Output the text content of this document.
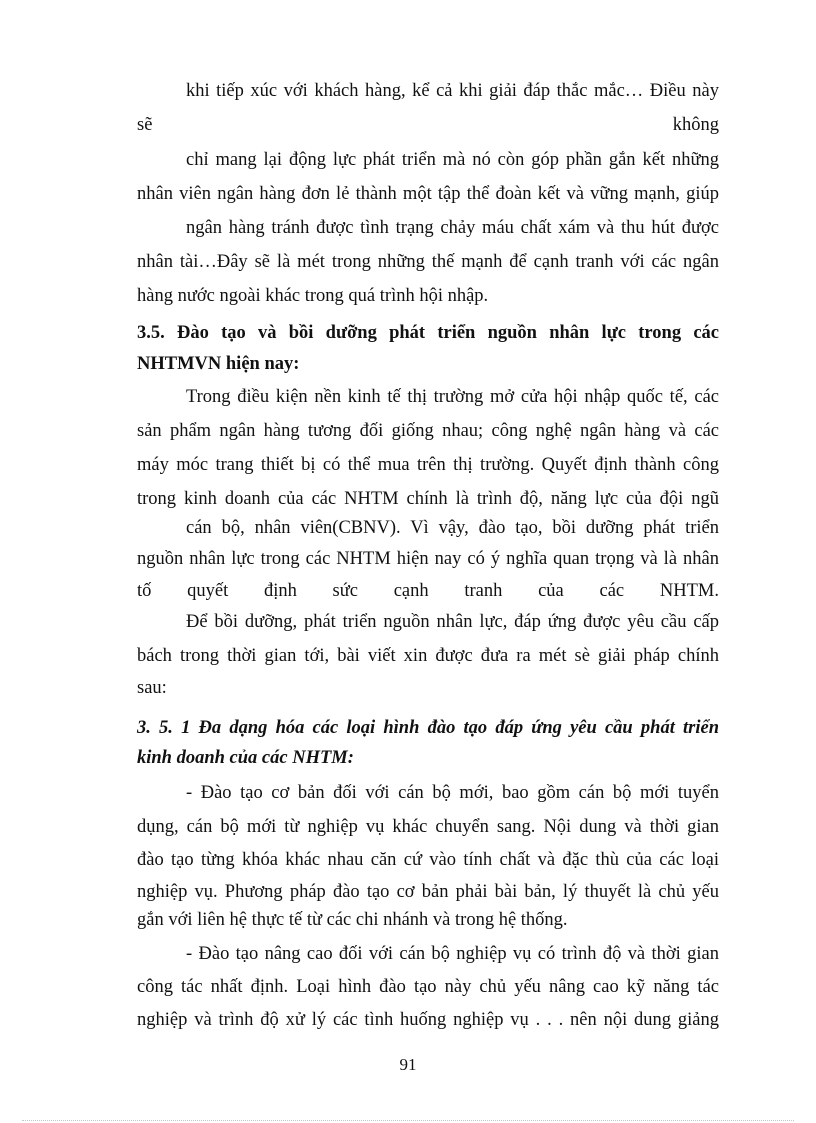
khi tiếp xúc với khách hàng, kể cả khi giải đáp thắc mắc… Điều này
sẽ	không
chỉ mang lại động lực phát triển mà nó còn góp phần gắn kết những
nhân viên ngân hàng đơn lẻ thành một tập thể đoàn kết và vững mạnh, giúp
ngân hàng tránh được tình trạng chảy máu chất xám và thu hút được
nhân tài…Đây sẽ là mét trong những thế mạnh để cạnh tranh với các ngân
hàng nước ngoài khác trong quá trình hội nhập.
3.5. Đào tạo và bồi dưỡng phát triển nguồn nhân lực trong các
NHTMVN hiện nay:
Trong điều kiện nền kinh tế thị trường mở cửa hội nhập quốc tế, các
sản phẩm ngân hàng tương đối giống nhau; công nghệ ngân hàng và các
máy móc trang thiết bị có thể mua trên thị trường. Quyết định thành công
trong kinh doanh của các NHTM chính là trình độ, năng lực của đội ngũ
cán bộ, nhân viên(CBNV). Vì vậy, đào tạo, bồi dưỡng phát triển
nguồn nhân lực trong các NHTM hiện nay có ý nghĩa quan trọng và là nhân
tố quyết định sức cạnh tranh của các NHTM.
Để bồi dưỡng, phát triển nguồn nhân lực, đáp ứng được yêu cầu cấp
bách trong thời gian tới, bài viết xin được đưa ra mét sè giải pháp chính
sau:
3. 5. 1 Đa dạng hóa các loại hình đào tạo đáp ứng yêu cầu phát triển
kinh doanh của các NHTM:
- Đào tạo cơ bản đối với cán bộ mới, bao gồm cán bộ mới tuyển
dụng, cán bộ mới từ nghiệp vụ khác chuyển sang. Nội dung và thời gian
đào tạo từng khóa khác nhau căn cứ vào tính chất và đặc thù của các loại
nghiệp vụ. Phương pháp đào tạo cơ bản phải bài bản, lý thuyết là chủ yếu
gắn với liên hệ thực tế từ các chi nhánh và trong hệ thống.
- Đào tạo nâng cao đối với cán bộ nghiệp vụ có trình độ và thời gian
công tác nhất định. Loại hình đào tạo này chủ yếu nâng cao kỹ năng tác
nghiệp và trình độ xử lý các tình huống nghiệp vụ . . . nên nội dung giảng
91
